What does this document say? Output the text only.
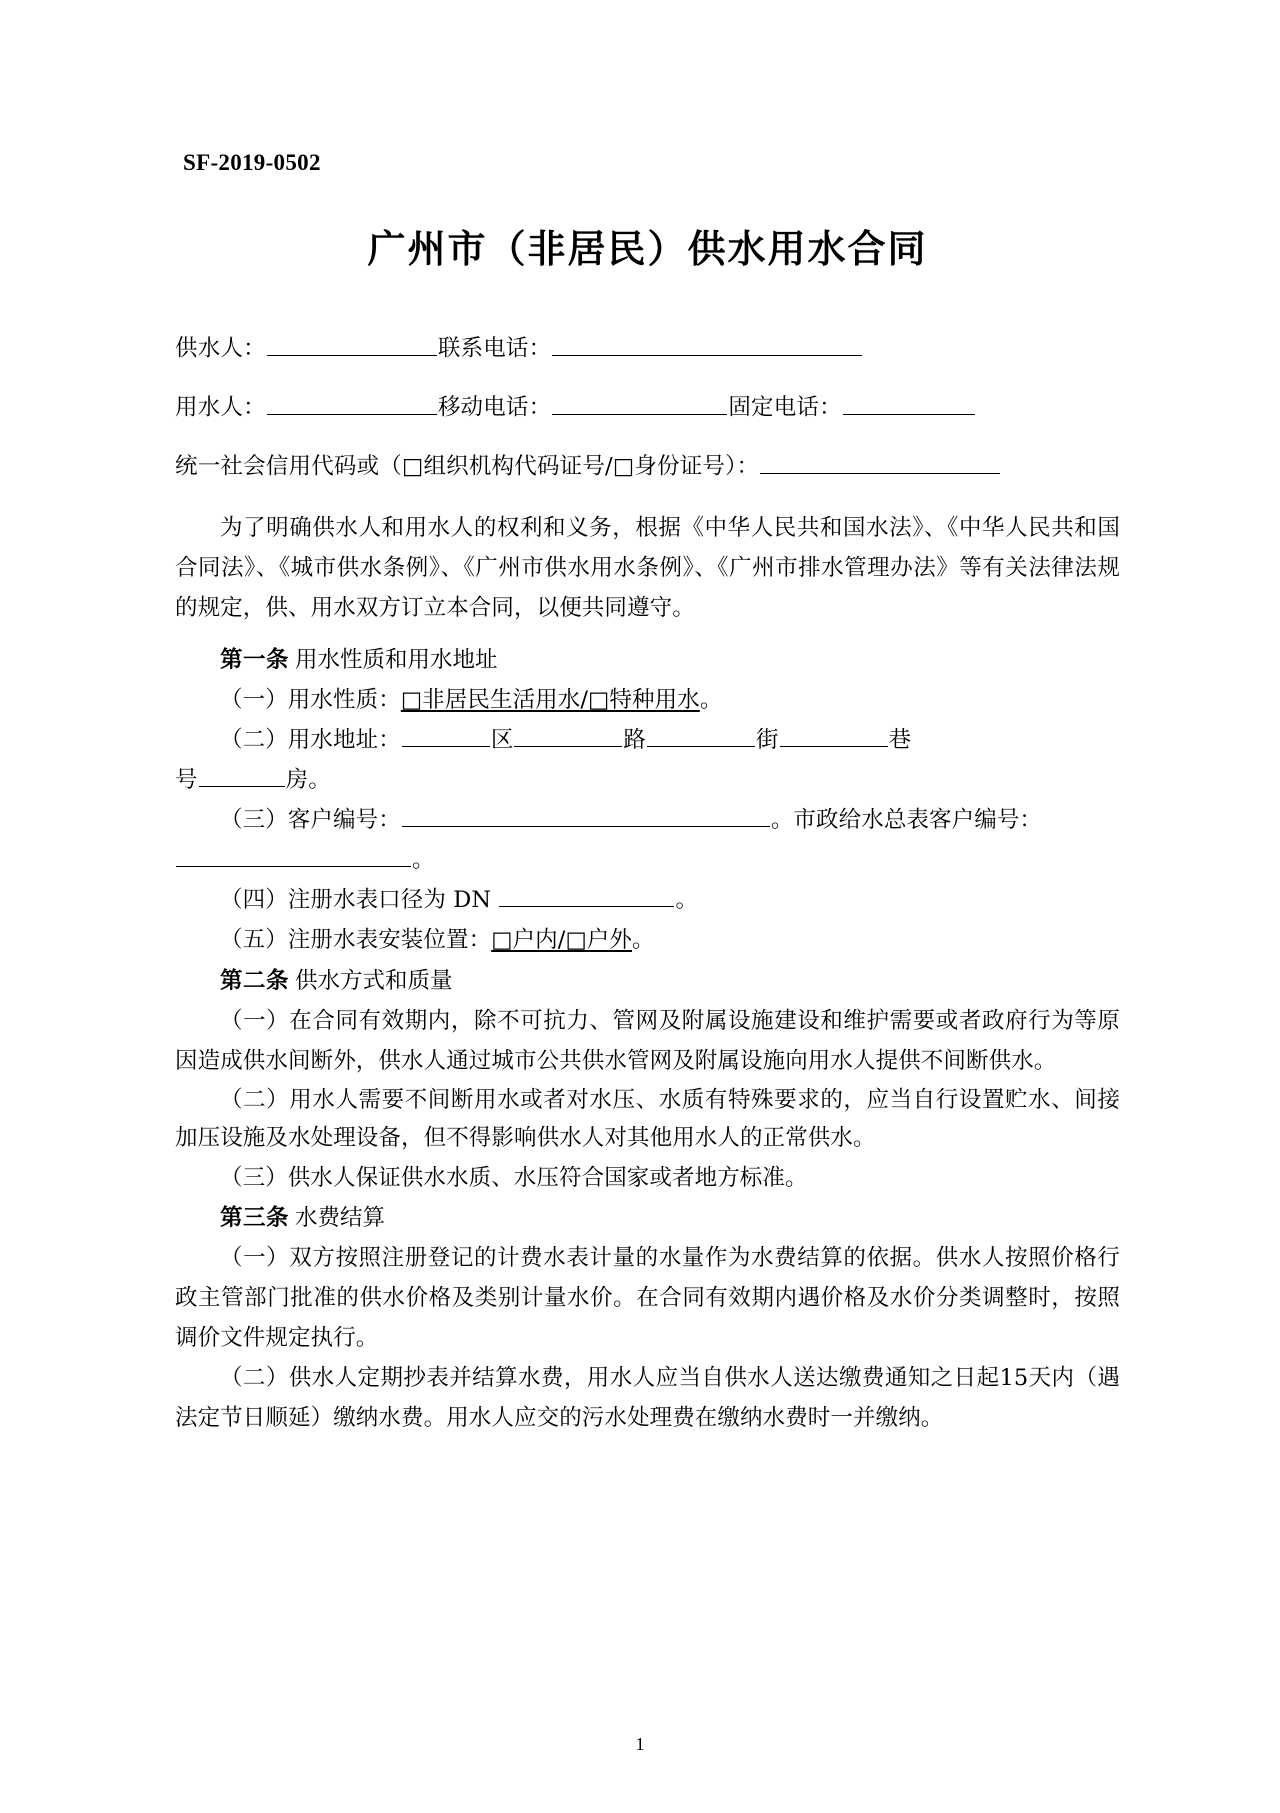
SF-2019-0502
广州市（非居民）供水用水合同
供水人：	联系电话：
用水人：	移动电话：	固定电话：
统一社会信用代码或（□组织机构代码证号/□身份证号）：

为了明确供水人和用水人的权利和义务，根据《中华人民共和国水法》、《中华人民共和国合同法》、《城市供水条例》、《广州市供水用水条例》、《广州市排水管理办法》等有关法律法规的规定，供、用水双方订立本合同，以便共同遵守。

第一条 用水性质和用水地址
（一）用水性质：□非居民生活用水/□特种用水。
（二）用水地址：	区	路	街	巷
号	房。
（三）客户编号：	。市政给水总表客户编号：
。
（四）注册水表口径为 DN	。
（五）注册水表安装位置：□户内/□户外。
第二条 供水方式和质量

（一）在合同有效期内，除不可抗力、管网及附属设施建设和维护需要或者政府行为等原因造成供水间断外，供水人通过城市公共供水管网及附属设施向用水人提供不间断供水。

（二）用水人需要不间断用水或者对水压、水质有特殊要求的，应当自行设置贮水、间接加压设施及水处理设备，但不得影响供水人对其他用水人的正常供水。

（三）供水人保证供水水质、水压符合国家或者地方标准。

第三条 水费结算

（一）双方按照注册登记的计费水表计量的水量作为水费结算的依据。供水人按照价格行政主管部门批准的供水价格及类别计量水价。在合同有效期内遇价格及水价分类调整时，按照调价文件规定执行。

（二）供水人定期抄表并结算水费，用水人应当自供水人送达缴费通知之日起15天内（遇法定节日顺延）缴纳水费。用水人应交的污水处理费在缴纳水费时一并缴纳。

1
